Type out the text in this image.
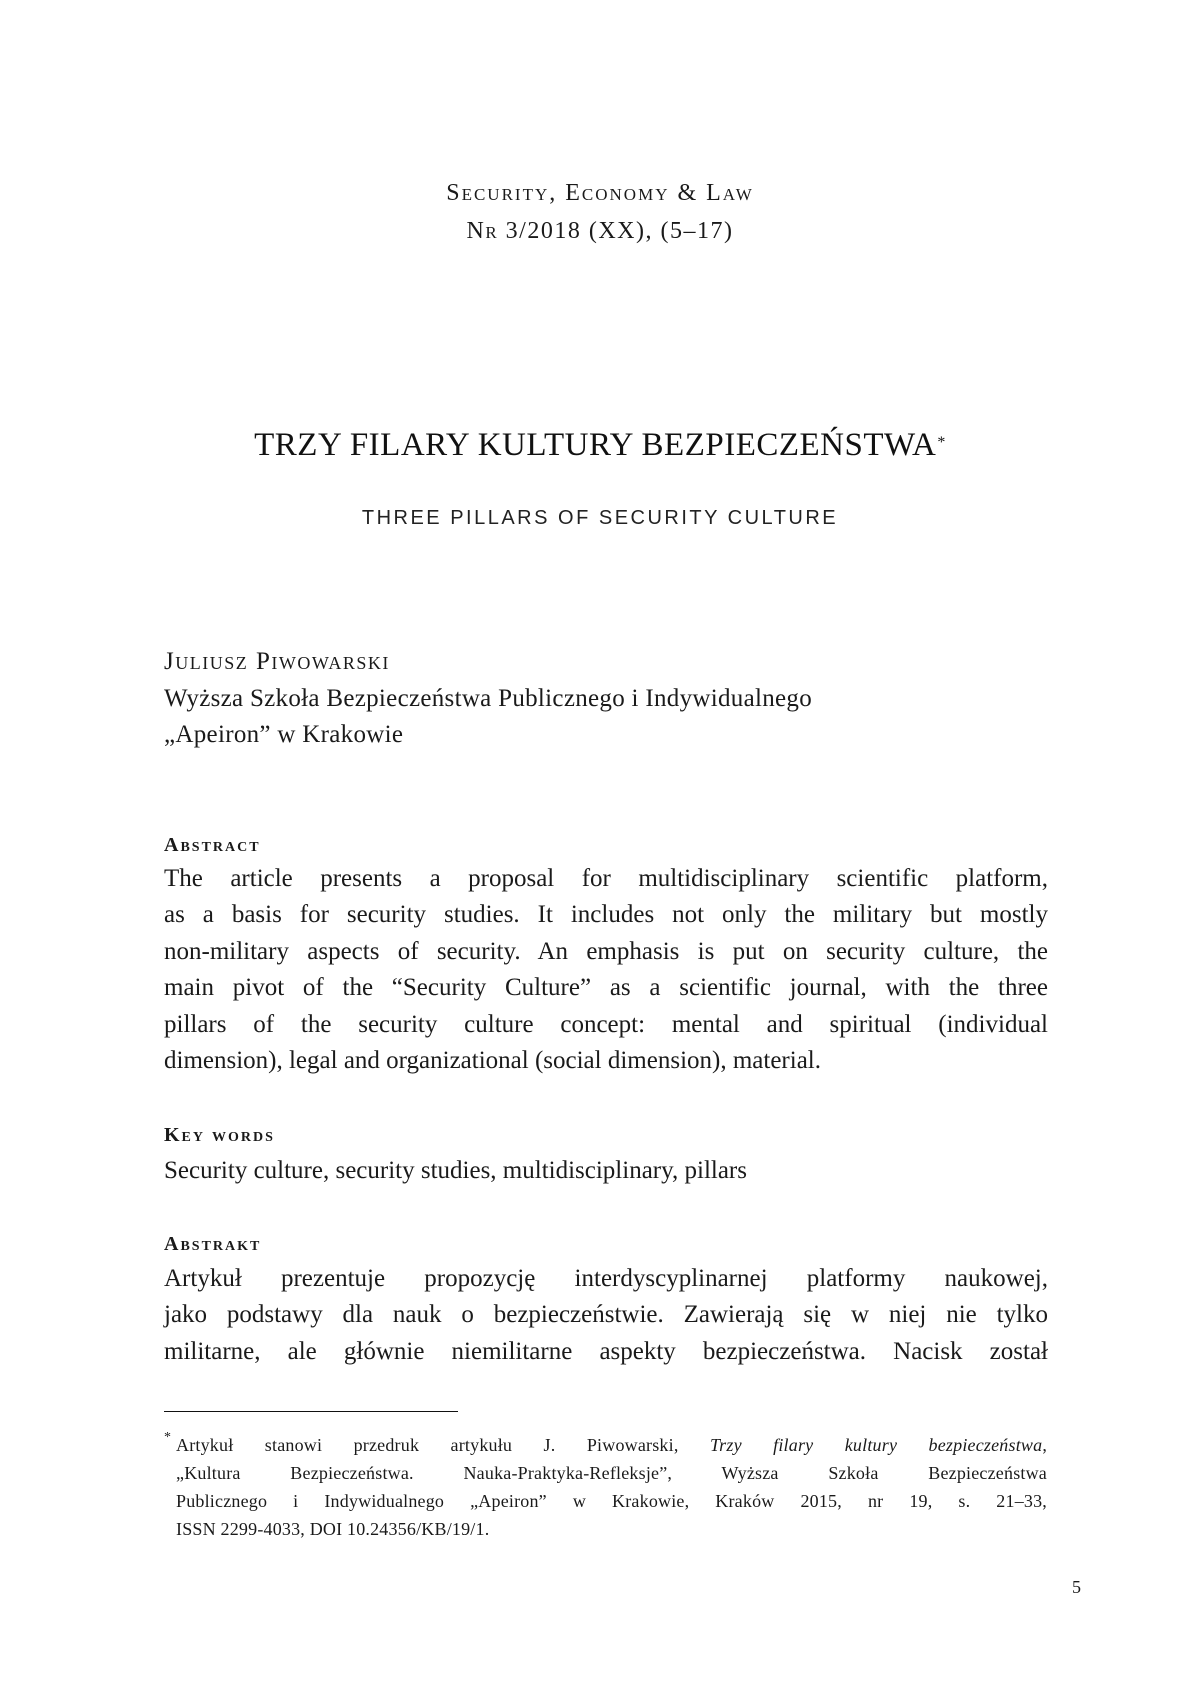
Security, Economy & Law
Nr 3/2018 (XX), (5–17)
TRZY FILARY KULTURY BEZPIECZEŃSTWA*
THREE PILLARS OF SECURITY CULTURE
Juliusz Piwowarski
Wyższa Szkoła Bezpieczeństwa Publicznego i Indywidualnego
„Apeiron” w Krakowie
Abstract
The article presents a proposal for multidisciplinary scientific platform,
as a basis for security studies. It includes not only the military but mostly
non-military aspects of security. An emphasis is put on security culture, the
main pivot of the “Security Culture” as a scientific journal, with the three
pillars of the security culture concept: mental and spiritual (individual
dimension), legal and organizational (social dimension), material.
Key words
Security culture, security studies, multidisciplinary, pillars
Abstrakt
Artykuł prezentuje propozycję interdyscyplinarnej platformy naukowej,
jako podstawy dla nauk o bezpieczeństwie. Zawierają się w niej nie tylko
militarne, ale głównie niemilitarne aspekty bezpieczeństwa. Nacisk został
* Artykuł stanowi przedruk artykułu J. Piwowarski, Trzy filary kultury bezpieczeństwa,
„Kultura Bezpieczeństwa. Nauka-Praktyka-Refleksje”, Wyższa Szkoła Bezpieczeństwa
Publicznego i Indywidualnego „Apeiron” w Krakowie, Kraków 2015, nr 19, s. 21–33,
ISSN 2299-4033, DOI 10.24356/KB/19/1.
5
